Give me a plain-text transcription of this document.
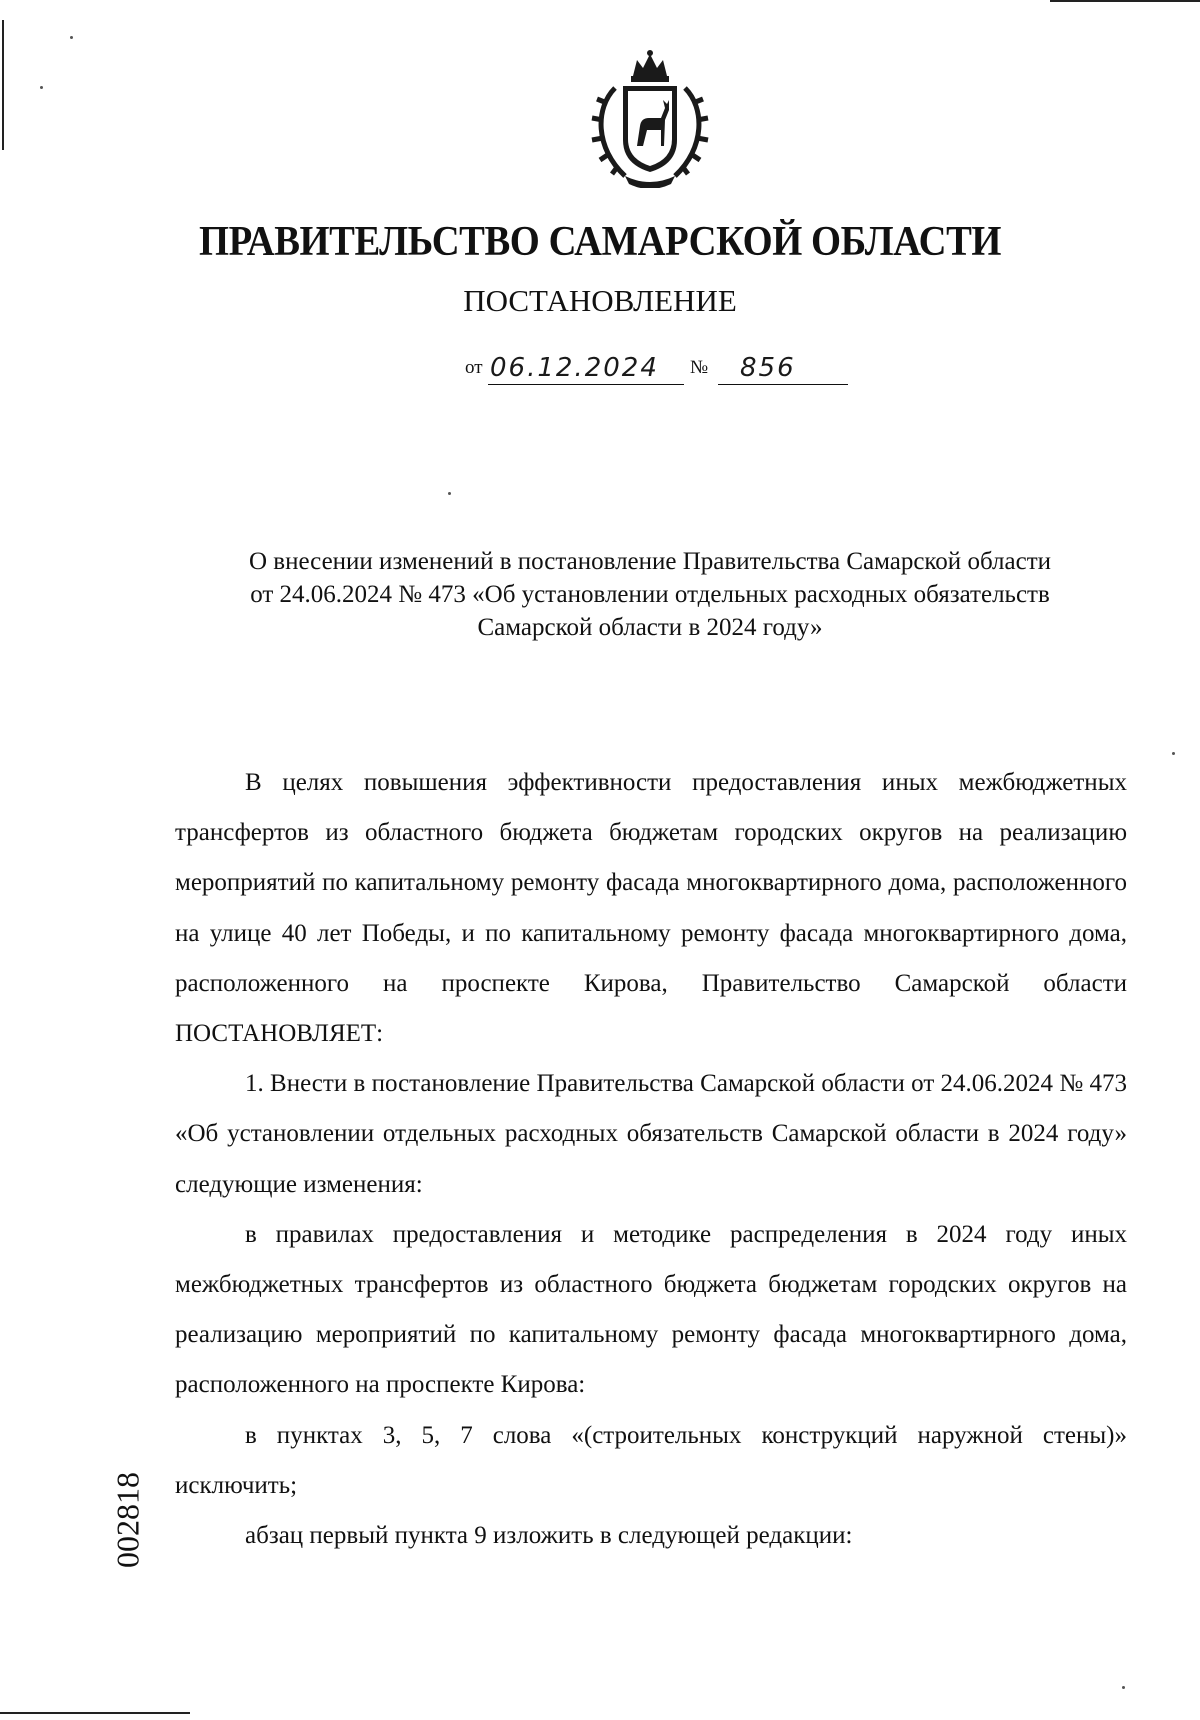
ПРАВИТЕЛЬСТВО САМАРСКОЙ ОБЛАСТИ
ПОСТАНОВЛЕНИЕ
от 06.12.2024 № 856
О внесении изменений в постановление Правительства Самарской области
от 24.06.2024 № 473 «Об установлении отдельных расходных обязательств
Самарской области в 2024 году»

В целях повышения эффективности предоставления иных межбюджетных трансфертов из областного бюджета бюджетам городских округов на реализацию мероприятий по капитальному ремонту фасада многоквартирного дома, расположенного на улице 40 лет Победы, и по капитальному ремонту фасада многоквартирного дома, расположенного на проспекте Кирова, Правительство Самарской области ПОСТАНОВЛЯЕТ:

1. Внести в постановление Правительства Самарской области от 24.06.2024 № 473 «Об установлении отдельных расходных обязательств Самарской области в 2024 году» следующие изменения:

в правилах предоставления и методике распределения в 2024 году иных межбюджетных трансфертов из областного бюджета бюджетам городских округов на реализацию мероприятий по капитальному ремонту фасада многоквартирного дома, расположенного на проспекте Кирова:

в пунктах 3, 5, 7 слова «(строительных конструкций наружной стены)» исключить;

абзац первый пункта 9 изложить в следующей редакции:

002818
